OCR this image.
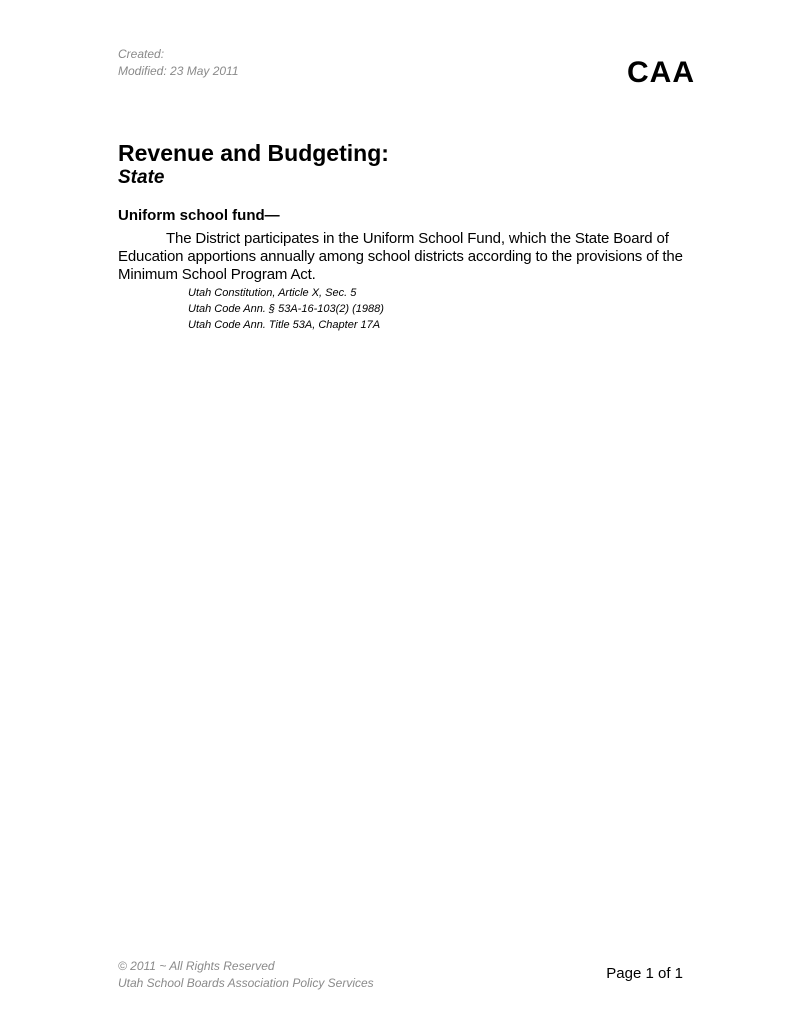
Created:
Modified: 23 May 2011	CAA
Revenue and Budgeting:
State
Uniform school fund—

The District participates in the Uniform School Fund, which the State Board of Education apportions annually among school districts according to the provisions of the Minimum School Program Act.

Utah Constitution, Article X, Sec. 5
Utah Code Ann. § 53A-16-103(2) (1988)
Utah Code Ann. Title 53A, Chapter 17A
© 2011 ~ All Rights Reserved
Utah School Boards Association Policy Services
Page 1 of 1
